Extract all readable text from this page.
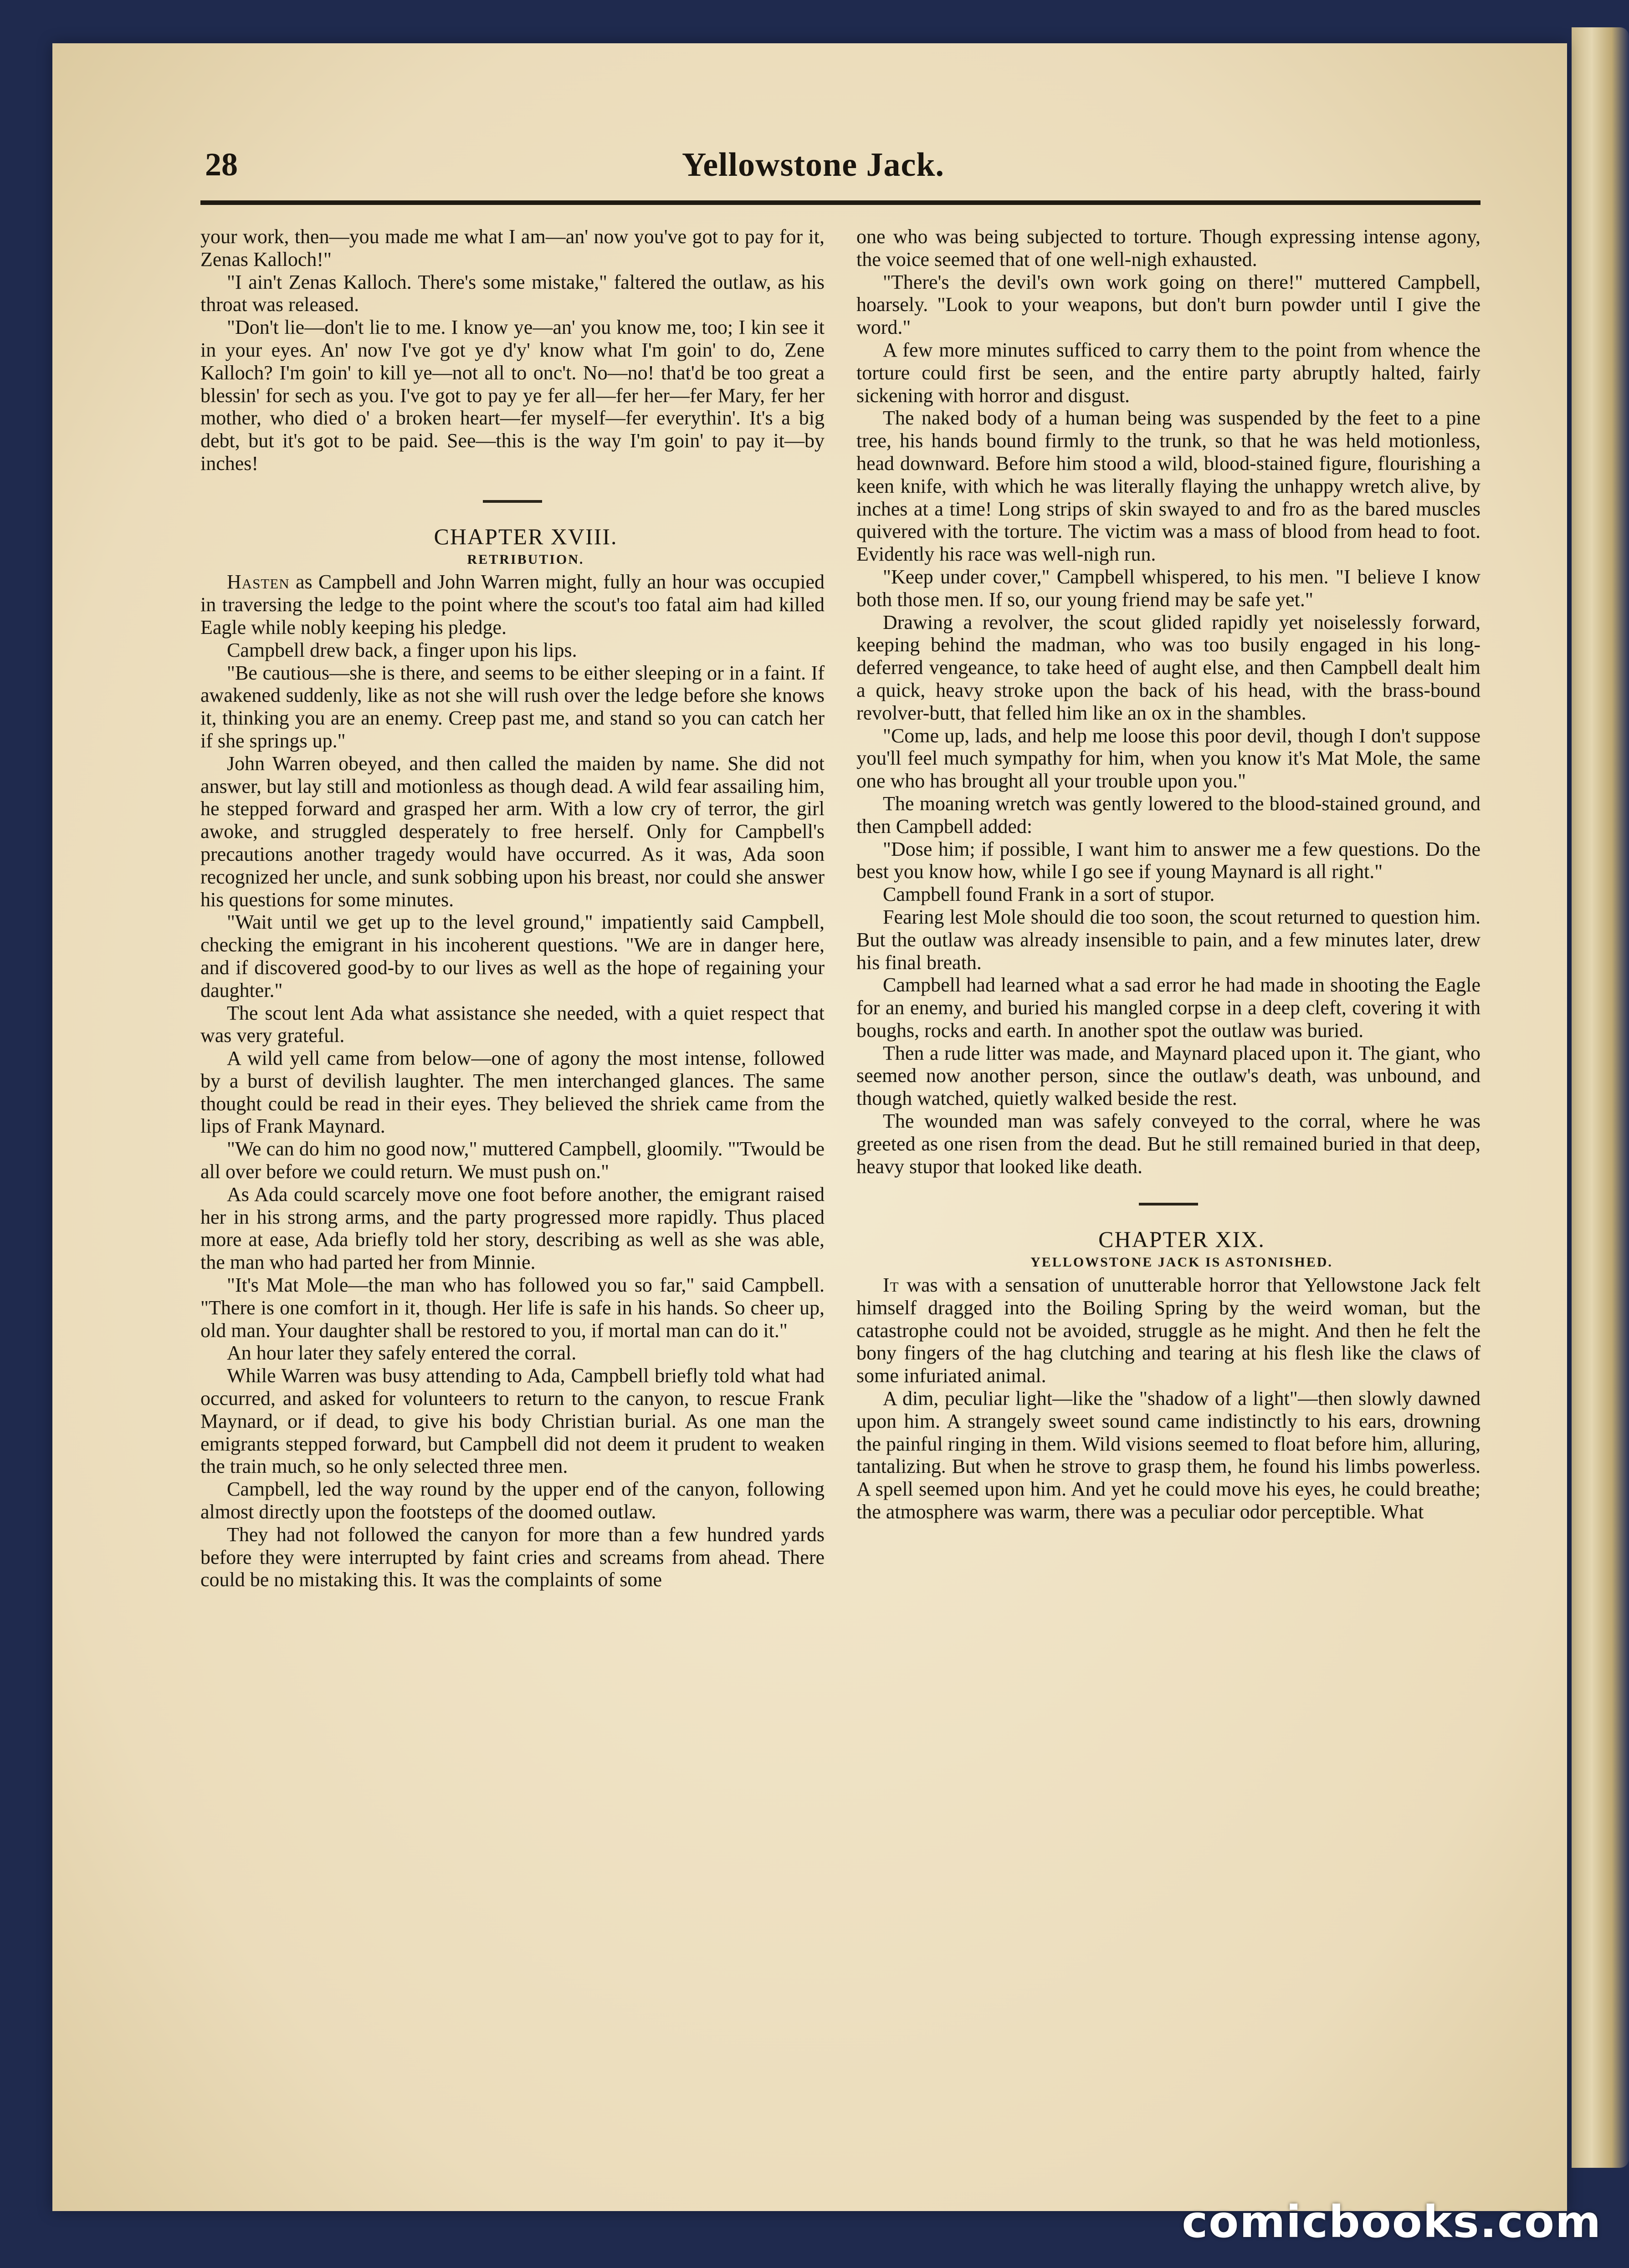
28	Yellowstone Jack.

your work, then—you made me what I am—an' now you've got to pay for it, Zenas Kalloch!"

"I ain't Zenas Kalloch. There's some mistake," faltered the outlaw, as his throat was released.

"Don't lie—don't lie to me. I know ye—an' you know me, too; I kin see it in your eyes. An' now I've got ye d'y' know what I'm goin' to do, Zene Kalloch? I'm goin' to kill ye—not all to onc't. No—no! that'd be too great a blessin' for sech as you. I've got to pay ye fer all—fer her—fer Mary, fer her mother, who died o' a broken heart—fer myself—fer everythin'. It's a big debt, but it's got to be paid. See—this is the way I'm goin' to pay it—by inches!

CHAPTER XVIII.

RETRIBUTION.

Hasten as Campbell and John Warren might, fully an hour was occupied in traversing the ledge to the point where the scout's too fatal aim had killed Eagle while nobly keeping his pledge.

Campbell drew back, a finger upon his lips.

"Be cautious—she is there, and seems to be either sleeping or in a faint. If awakened suddenly, like as not she will rush over the ledge before she knows it, thinking you are an enemy. Creep past me, and stand so you can catch her if she springs up."

John Warren obeyed, and then called the maiden by name. She did not answer, but lay still and motionless as though dead. A wild fear assailing him, he stepped forward and grasped her arm. With a low cry of terror, the girl awoke, and struggled desperately to free herself. Only for Campbell's precautions another tragedy would have occurred. As it was, Ada soon recognized her uncle, and sunk sobbing upon his breast, nor could she answer his questions for some minutes.

"Wait until we get up to the level ground," impatiently said Campbell, checking the emigrant in his incoherent questions. "We are in danger here, and if discovered good-by to our lives as well as the hope of regaining your daughter."

The scout lent Ada what assistance she needed, with a quiet respect that was very grateful.

A wild yell came from below—one of agony the most intense, followed by a burst of devilish laughter. The men interchanged glances. The same thought could be read in their eyes. They believed the shriek came from the lips of Frank Maynard.

"We can do him no good now," muttered Campbell, gloomily. "'Twould be all over before we could return. We must push on."

As Ada could scarcely move one foot before another, the emigrant raised her in his strong arms, and the party progressed more rapidly. Thus placed more at ease, Ada briefly told her story, describing as well as she was able, the man who had parted her from Minnie.

"It's Mat Mole—the man who has followed you so far," said Campbell. "There is one comfort in it, though. Her life is safe in his hands. So cheer up, old man. Your daughter shall be restored to you, if mortal man can do it."

An hour later they safely entered the corral.

While Warren was busy attending to Ada, Campbell briefly told what had occurred, and asked for volunteers to return to the canyon, to rescue Frank Maynard, or if dead, to give his body Christian burial. As one man the emigrants stepped forward, but Campbell did not deem it prudent to weaken the train much, so he only selected three men.

Campbell, led the way round by the upper end of the canyon, following almost directly upon the footsteps of the doomed outlaw.

They had not followed the canyon for more than a few hundred yards before they were interrupted by faint cries and screams from ahead. There could be no mistaking this. It was the complaints of some

one who was being subjected to torture. Though expressing intense agony, the voice seemed that of one well-nigh exhausted.

"There's the devil's own work going on there!" muttered Campbell, hoarsely. "Look to your weapons, but don't burn powder until I give the word."

A few more minutes sufficed to carry them to the point from whence the torture could first be seen, and the entire party abruptly halted, fairly sickening with horror and disgust.

The naked body of a human being was suspended by the feet to a pine tree, his hands bound firmly to the trunk, so that he was held motionless, head downward. Before him stood a wild, blood-stained figure, flourishing a keen knife, with which he was literally flaying the unhappy wretch alive, by inches at a time! Long strips of skin swayed to and fro as the bared muscles quivered with the torture. The victim was a mass of blood from head to foot. Evidently his race was well-nigh run.

"Keep under cover," Campbell whispered, to his men. "I believe I know both those men. If so, our young friend may be safe yet."

Drawing a revolver, the scout glided rapidly yet noiselessly forward, keeping behind the madman, who was too busily engaged in his long-deferred vengeance, to take heed of aught else, and then Campbell dealt him a quick, heavy stroke upon the back of his head, with the brass-bound revolver-butt, that felled him like an ox in the shambles.

"Come up, lads, and help me loose this poor devil, though I don't suppose you'll feel much sympathy for him, when you know it's Mat Mole, the same one who has brought all your trouble upon you."

The moaning wretch was gently lowered to the blood-stained ground, and then Campbell added:

"Dose him; if possible, I want him to answer me a few questions. Do the best you know how, while I go see if young Maynard is all right."

Campbell found Frank in a sort of stupor.

Fearing lest Mole should die too soon, the scout returned to question him. But the outlaw was already insensible to pain, and a few minutes later, drew his final breath.

Campbell had learned what a sad error he had made in shooting the Eagle for an enemy, and buried his mangled corpse in a deep cleft, covering it with boughs, rocks and earth. In another spot the outlaw was buried.

Then a rude litter was made, and Maynard placed upon it. The giant, who seemed now another person, since the outlaw's death, was unbound, and though watched, quietly walked beside the rest.

The wounded man was safely conveyed to the corral, where he was greeted as one risen from the dead. But he still remained buried in that deep, heavy stupor that looked like death.

CHAPTER XIX.

YELLOWSTONE JACK IS ASTONISHED.

It was with a sensation of unutterable horror that Yellowstone Jack felt himself dragged into the Boiling Spring by the weird woman, but the catastrophe could not be avoided, struggle as he might. And then he felt the bony fingers of the hag clutching and tearing at his flesh like the claws of some infuriated animal.

A dim, peculiar light—like the "shadow of a light"—then slowly dawned upon him. A strangely sweet sound came indistinctly to his ears, drowning the painful ringing in them. Wild visions seemed to float before him, alluring, tantalizing. But when he strove to grasp them, he found his limbs powerless. A spell seemed upon him. And yet he could move his eyes, he could breathe; the atmosphere was warm, there was a peculiar odor perceptible. What

comicbooks.com
